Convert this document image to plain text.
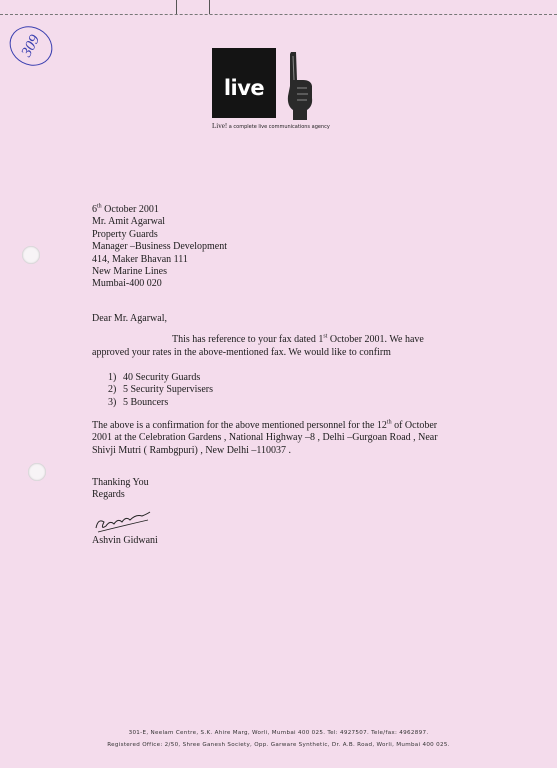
309
live
Live! a complete live communications agency
6th October 2001
Mr. Amit Agarwal
Property Guards
Manager –Business Development
414, Maker Bhavan 111
New Marine Lines
Mumbai-400 020
Dear Mr. Agarwal,
This has reference to your fax dated 1st October 2001. We have
approved your rates in the above-mentioned fax. We would like to confirm
1) 40 Security Guards
2) 5 Security Supervisers
3) 5 Bouncers
The above is a confirmation for the above mentioned personnel for the 12th of October
2001 at the Celebration Gardens , National Highway –8 , Delhi –Gurgoan Road , Near
Shivji Mutri ( Rambgpuri) , New Delhi –110037 .
Thanking You
Regards
Ashvin Gidwani
301-E, Neelam Centre, S.K. Ahire Marg, Worli, Mumbai 400 025. Tel: 4927507. Tele/fax: 4962897.
Registered Office: 2/50, Shree Ganesh Society, Opp. Garware Synthetic, Dr. A.B. Road, Worli, Mumbai 400 025.
